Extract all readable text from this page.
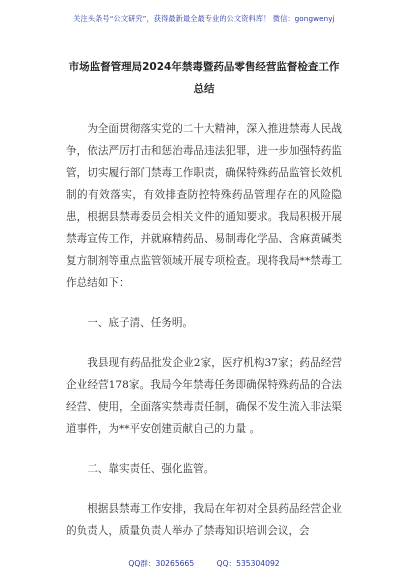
关注头条号“公文研究”，获得最新最全最专业的公文资料库！ 微信：gongwenyj
市场监督管理局2024年禁毒暨药品零售经营监督检查工作
总结

为全面贯彻落实党的二十大精神，深入推进禁毒人民战争，依法严厉打击和惩治毒品违法犯罪，进一步加强特药监管，切实履行部门禁毒工作职责，确保特殊药品监管长效机制的有效落实，有效排查防控特殊药品管理存在的风险隐患，根据县禁毒委员会相关文件的通知要求。我局积极开展禁毒宣传工作，并就麻精药品、易制毒化学品、含麻黄碱类复方制剂等重点监管领域开展专项检查。现将我局**禁毒工作总结如下：

一、底子清、任务明。

我县现有药品批发企业2家，医疗机构37家；药品经营企业经营178家。我局今年禁毒任务即确保特殊药品的合法经营、使用，全面落实禁毒责任制，确保不发生流入非法渠道事件，为**平安创建贡献自己的力量 。

二、靠实责任、强化监管。

根据县禁毒工作安排，我局在年初对全县药品经营企业的负责人，质量负责人举办了禁毒知识培训会议，会

QQ群：30265665	QQ：535304092
